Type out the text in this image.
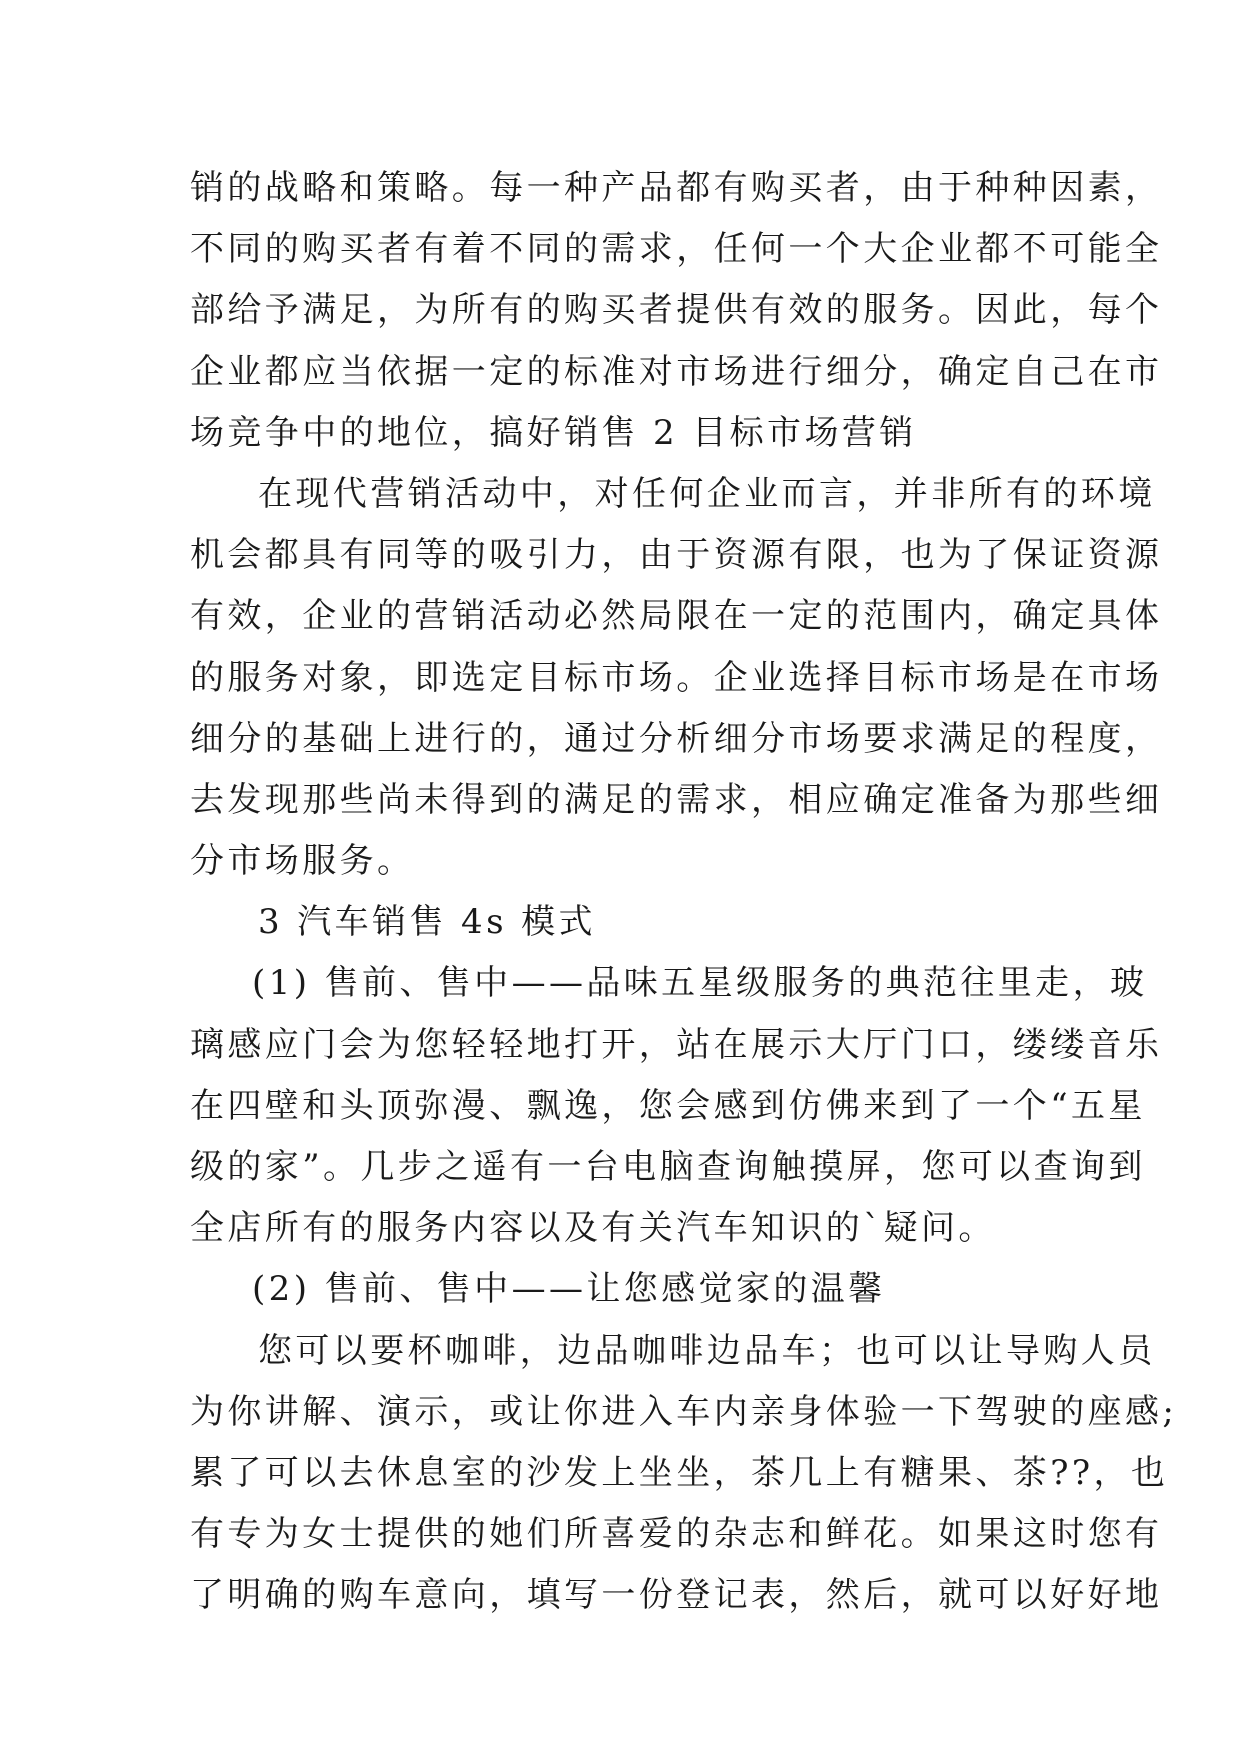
销的战略和策略。每一种产品都有购买者，由于种种因素，
不同的购买者有着不同的需求，任何一个大企业都不可能全
部给予满足，为所有的购买者提供有效的服务。因此，每个
企业都应当依据一定的标准对市场进行细分，确定自己在市
场竞争中的地位，搞好销售 2 目标市场营销
在现代营销活动中，对任何企业而言，并非所有的环境
机会都具有同等的吸引力，由于资源有限，也为了保证资源
有效，企业的营销活动必然局限在一定的范围内，确定具体
的服务对象，即选定目标市场。企业选择目标市场是在市场
细分的基础上进行的，通过分析细分市场要求满足的程度，
去发现那些尚未得到的满足的需求，相应确定准备为那些细
分市场服务。
3 汽车销售 4s 模式
(1) 售前、售中——品味五星级服务的典范往里走，玻
璃感应门会为您轻轻地打开，站在展示大厅门口，缕缕音乐
在四壁和头顶弥漫、飘逸，您会感到仿佛来到了一个“五星
级的家”。几步之遥有一台电脑查询触摸屏，您可以查询到
全店所有的服务内容以及有关汽车知识的`疑问。
(2) 售前、售中——让您感觉家的温馨
您可以要杯咖啡，边品咖啡边品车；也可以让导购人员
为你讲解、演示，或让你进入车内亲身体验一下驾驶的座感;
累了可以去休息室的沙发上坐坐，茶几上有糖果、茶??，也
有专为女士提供的她们所喜爱的杂志和鲜花。如果这时您有
了明确的购车意向，填写一份登记表，然后，就可以好好地
